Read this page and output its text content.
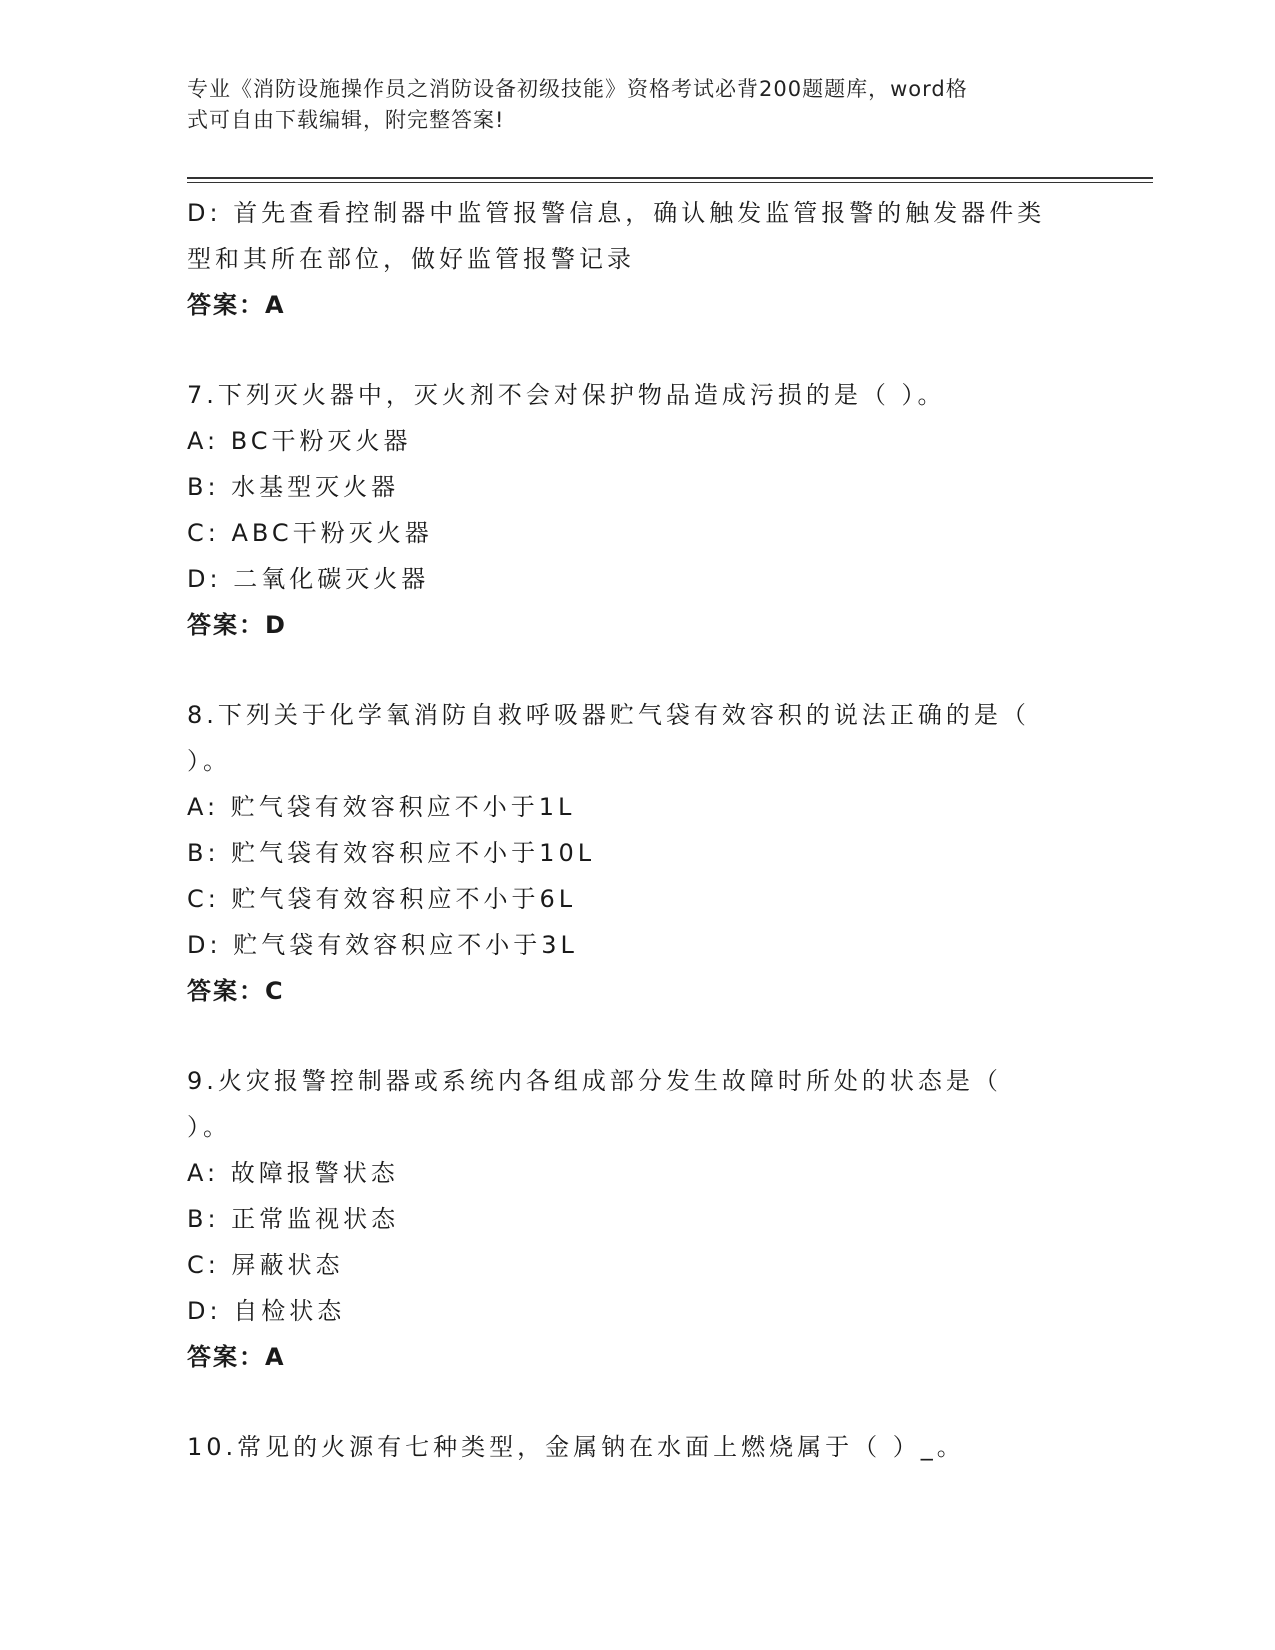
专业《消防设施操作员之消防设备初级技能》资格考试必背200题题库，word格
式可自由下载编辑，附完整答案!
D: 首先查看控制器中监管报警信息，确认触发监管报警的触发器件类
型和其所在部位，做好监管报警记录
答案：A
7.下列灭火器中，灭火剂不会对保护物品造成污损的是（ ）。
A: BC干粉灭火器
B: 水基型灭火器
C: ABC干粉灭火器
D: 二氧化碳灭火器
答案：D
8.下列关于化学氧消防自救呼吸器贮气袋有效容积的说法正确的是（
）。
A: 贮气袋有效容积应不小于1L
B: 贮气袋有效容积应不小于10L
C: 贮气袋有效容积应不小于6L
D: 贮气袋有效容积应不小于3L
答案：C
9.火灾报警控制器或系统内各组成部分发生故障时所处的状态是（
）。
A: 故障报警状态
B: 正常监视状态
C: 屏蔽状态
D: 自检状态
答案：A
10.常见的火源有七种类型，金属钠在水面上燃烧属于（ ）_。
